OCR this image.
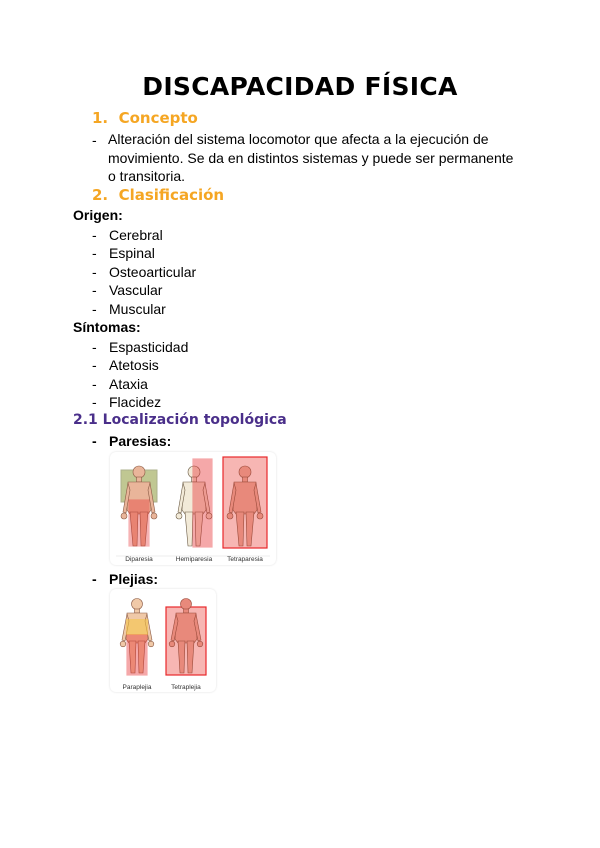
DISCAPACIDAD FÍSICA
1. Concepto
- Alteración del sistema locomotor que afecta a la ejecución de
movimiento. Se da en distintos sistemas y puede ser permanente
o transitoria.
2. Clasificación
Origen:
- Cerebral
- Espinal
- Osteoarticular
- Vascular
- Muscular
Síntomas:
- Espasticidad
- Atetosis
- Ataxia
- Flacidez
2.1 Localización topológica
- Paresias:
Diparesia	Hemiparesia Tetraparesia
- Plejias:
Paraplejia	Tetraplejia
